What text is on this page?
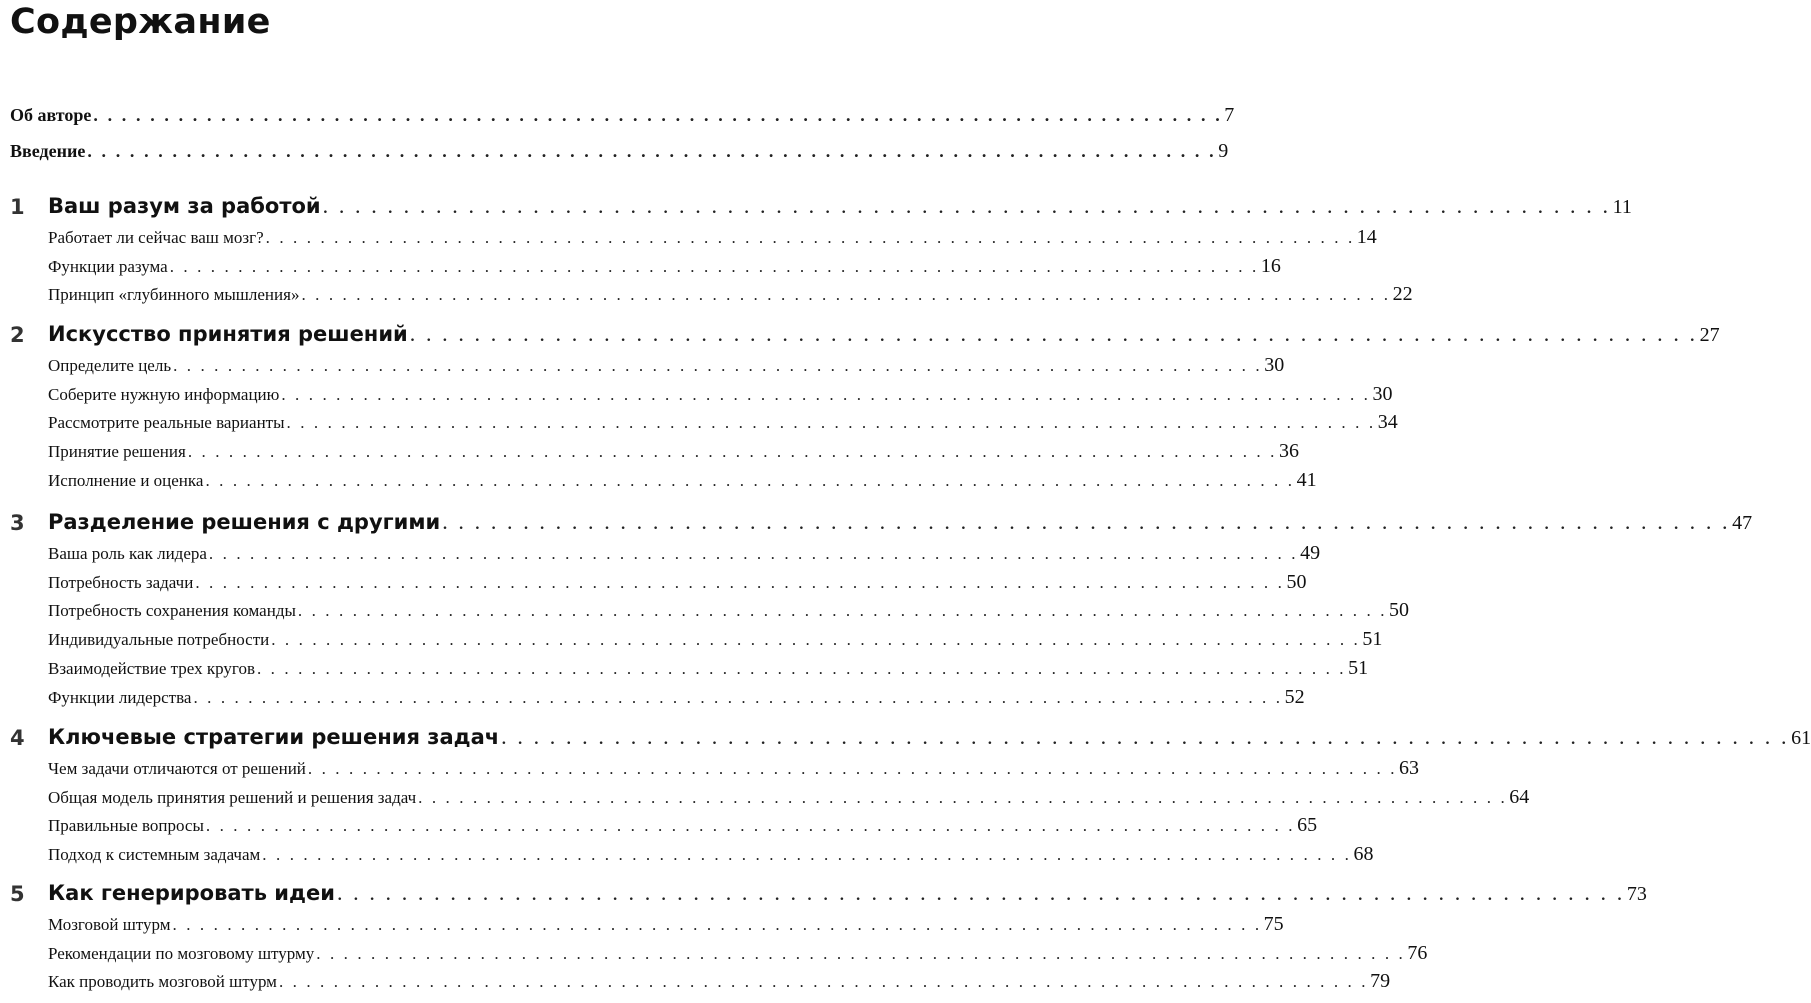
Содержание
Об авторе . . . . . . . . . . . . . . . . . . . . . . . . . . . . . . . . . . . . . . . . . . . . . . . . . . . . . . . . . . . . . . . . . . . . . . . . . . . . . . . . 7
Введение . . . . . . . . . . . . . . . . . . . . . . . . . . . . . . . . . . . . . . . . . . . . . . . . . . . . . . . . . . . . . . . . . . . . . . . . . . . . . . . . 9
1 Ваш разум за работой . . . . . . . . . . . . . . . . . . . . . . . . . . . . . . . . . . . . . . . . . . . . . . . . . . . . . . . . . . . . . . . . . . . . . . . . . . . . . . . . 11
Работает ли сейчас ваш мозг? . . . . . . . . . . . . . . . . . . . . . . . . . . . . . . . . . . . . . . . . . . . . . . . . . . . . . . . . . . . . . . . . . . . . . . . . . . . . . . . . 14
Функции разума . . . . . . . . . . . . . . . . . . . . . . . . . . . . . . . . . . . . . . . . . . . . . . . . . . . . . . . . . . . . . . . . . . . . . . . . . . . . . . . . 16
Принцип «глубинного мышления» . . . . . . . . . . . . . . . . . . . . . . . . . . . . . . . . . . . . . . . . . . . . . . . . . . . . . . . . . . . . . . . . . . . . . . . . . . . . . . . . 22
2 Искусство принятия решений . . . . . . . . . . . . . . . . . . . . . . . . . . . . . . . . . . . . . . . . . . . . . . . . . . . . . . . . . . . . . . . . . . . . . . . . . . . . . . . . 27
Определите цель . . . . . . . . . . . . . . . . . . . . . . . . . . . . . . . . . . . . . . . . . . . . . . . . . . . . . . . . . . . . . . . . . . . . . . . . . . . . . . . . 30
Соберите нужную информацию . . . . . . . . . . . . . . . . . . . . . . . . . . . . . . . . . . . . . . . . . . . . . . . . . . . . . . . . . . . . . . . . . . . . . . . . . . . . . . . . 30
Рассмотрите реальные варианты . . . . . . . . . . . . . . . . . . . . . . . . . . . . . . . . . . . . . . . . . . . . . . . . . . . . . . . . . . . . . . . . . . . . . . . . . . . . . . . . 34
Принятие решения . . . . . . . . . . . . . . . . . . . . . . . . . . . . . . . . . . . . . . . . . . . . . . . . . . . . . . . . . . . . . . . . . . . . . . . . . . . . . . . . 36
Исполнение и оценка . . . . . . . . . . . . . . . . . . . . . . . . . . . . . . . . . . . . . . . . . . . . . . . . . . . . . . . . . . . . . . . . . . . . . . . . . . . . . . . . 41
3 Разделение решения с другими . . . . . . . . . . . . . . . . . . . . . . . . . . . . . . . . . . . . . . . . . . . . . . . . . . . . . . . . . . . . . . . . . . . . . . . . . . . . . . . . 47
Ваша роль как лидера . . . . . . . . . . . . . . . . . . . . . . . . . . . . . . . . . . . . . . . . . . . . . . . . . . . . . . . . . . . . . . . . . . . . . . . . . . . . . . . . 49
Потребность задачи . . . . . . . . . . . . . . . . . . . . . . . . . . . . . . . . . . . . . . . . . . . . . . . . . . . . . . . . . . . . . . . . . . . . . . . . . . . . . . . . 50
Потребность сохранения команды . . . . . . . . . . . . . . . . . . . . . . . . . . . . . . . . . . . . . . . . . . . . . . . . . . . . . . . . . . . . . . . . . . . . . . . . . . . . . . . . 50
Индивидуальные потребности . . . . . . . . . . . . . . . . . . . . . . . . . . . . . . . . . . . . . . . . . . . . . . . . . . . . . . . . . . . . . . . . . . . . . . . . . . . . . . . . 51
Взаимодействие трех кругов . . . . . . . . . . . . . . . . . . . . . . . . . . . . . . . . . . . . . . . . . . . . . . . . . . . . . . . . . . . . . . . . . . . . . . . . . . . . . . . . 51
Функции лидерства . . . . . . . . . . . . . . . . . . . . . . . . . . . . . . . . . . . . . . . . . . . . . . . . . . . . . . . . . . . . . . . . . . . . . . . . . . . . . . . . 52
4 Ключевые стратегии решения задач . . . . . . . . . . . . . . . . . . . . . . . . . . . . . . . . . . . . . . . . . . . . . . . . . . . . . . . . . . . . . . . . . . . . . . . . . . . . . . . . 61
Чем задачи отличаются от решений . . . . . . . . . . . . . . . . . . . . . . . . . . . . . . . . . . . . . . . . . . . . . . . . . . . . . . . . . . . . . . . . . . . . . . . . . . . . . . . . 63
Общая модель принятия решений и решения задач . . . . . . . . . . . . . . . . . . . . . . . . . . . . . . . . . . . . . . . . . . . . . . . . . . . . . . . . . . . . . . . . . . . . . . . . . . . . . . . . 64
Правильные вопросы . . . . . . . . . . . . . . . . . . . . . . . . . . . . . . . . . . . . . . . . . . . . . . . . . . . . . . . . . . . . . . . . . . . . . . . . . . . . . . . . 65
Подход к системным задачам . . . . . . . . . . . . . . . . . . . . . . . . . . . . . . . . . . . . . . . . . . . . . . . . . . . . . . . . . . . . . . . . . . . . . . . . . . . . . . . . 68
5 Как генерировать идеи . . . . . . . . . . . . . . . . . . . . . . . . . . . . . . . . . . . . . . . . . . . . . . . . . . . . . . . . . . . . . . . . . . . . . . . . . . . . . . . . 73
Мозговой штурм . . . . . . . . . . . . . . . . . . . . . . . . . . . . . . . . . . . . . . . . . . . . . . . . . . . . . . . . . . . . . . . . . . . . . . . . . . . . . . . . 75
Рекомендации по мозговому штурму . . . . . . . . . . . . . . . . . . . . . . . . . . . . . . . . . . . . . . . . . . . . . . . . . . . . . . . . . . . . . . . . . . . . . . . . . . . . . . . . 76
Как проводить мозговой штурм . . . . . . . . . . . . . . . . . . . . . . . . . . . . . . . . . . . . . . . . . . . . . . . . . . . . . . . . . . . . . . . . . . . . . . . . . . . . . . . . 79
